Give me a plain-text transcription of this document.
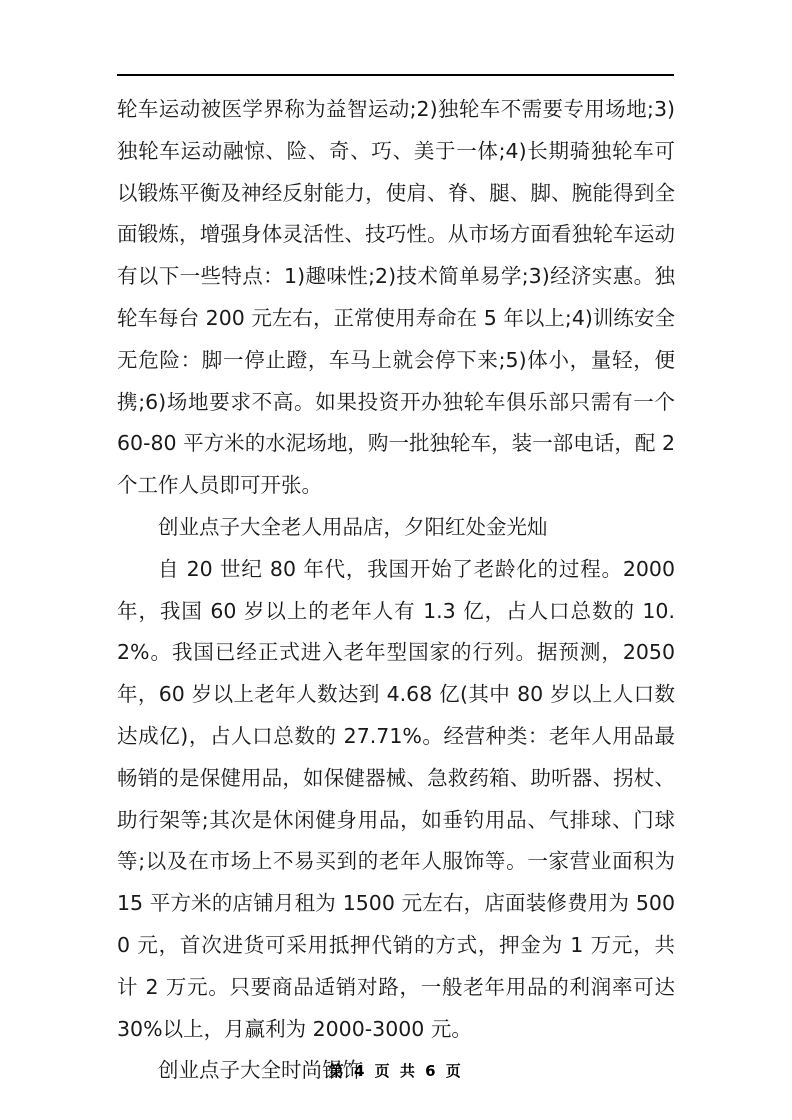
轮车运动被医学界称为益智运动;2)独轮车不需要专用场地;3)独轮车运动融惊、险、奇、巧、美于一体;4)长期骑独轮车可以锻炼平衡及神经反射能力，使肩、脊、腿、脚、腕能得到全面锻炼，增强身体灵活性、技巧性。从市场方面看独轮车运动有以下一些特点：1)趣味性;2)技术简单易学;3)经济实惠。独轮车每台 200 元左右，正常使用寿命在 5 年以上;4)训练安全无危险：脚一停止蹬，车马上就会停下来;5)体小，量轻，便携;6)场地要求不高。如果投资开办独轮车俱乐部只需有一个 60-80 平方米的水泥场地，购一批独轮车，装一部电话，配 2 个工作人员即可开张。

创业点子大全老人用品店，夕阳红处金光灿

自 20 世纪 80 年代，我国开始了老龄化的过程。2000 年，我国 60 岁以上的老年人有 1.3 亿，占人口总数的 10.2%。我国已经正式进入老年型国家的行列。据预测，2050 年，60 岁以上老年人数达到 4.68 亿(其中 80 岁以上人口数达成亿)，占人口总数的 27.71%。经营种类：老年人用品最畅销的是保健用品，如保健器械、急救药箱、助听器、拐杖、助行架等;其次是休闲健身用品，如垂钓用品、气排球、门球等;以及在市场上不易买到的老年人服饰等。一家营业面积为 15 平方米的店铺月租为 1500 元左右，店面装修费用为 5000 元，首次进货可采用抵押代销的方式，押金为 1 万元，共计 2 万元。只要商品适销对路，一般老年用品的利润率可达 30%以上，月赢利为 2000-3000 元。

创业点子大全时尚银饰

第 4 页 共 6 页
